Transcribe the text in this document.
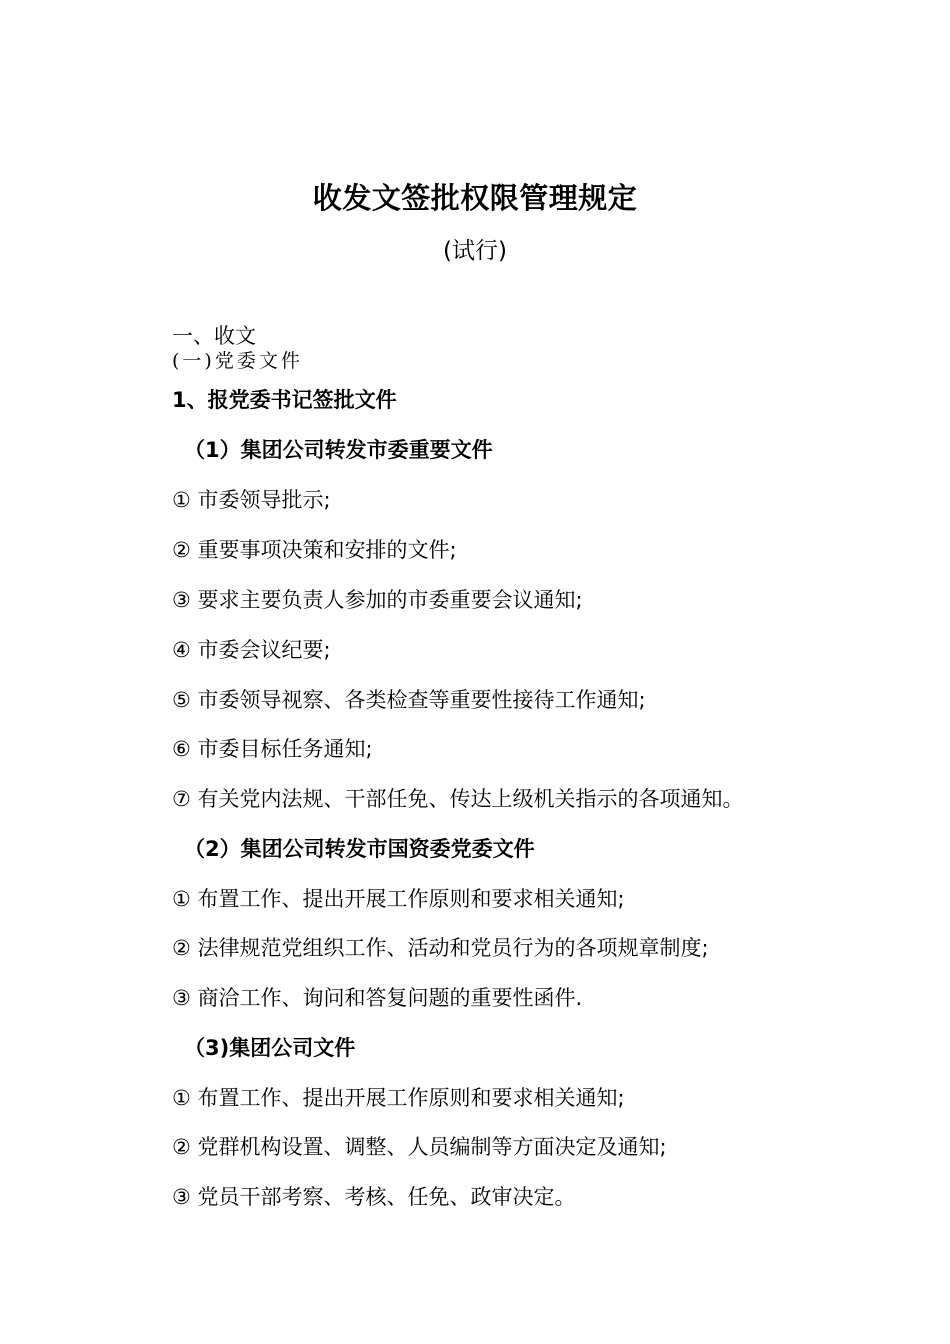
收发文签批权限管理规定
(试行)
一、收文
(一)党委文件
1、报党委书记签批文件
（1）集团公司转发市委重要文件
① 市委领导批示;
② 重要事项决策和安排的文件;
③ 要求主要负责人参加的市委重要会议通知;
④ 市委会议纪要;
⑤ 市委领导视察、各类检查等重要性接待工作通知;
⑥ 市委目标任务通知;
⑦ 有关党内法规、干部任免、传达上级机关指示的各项通知。
（2）集团公司转发市国资委党委文件
① 布置工作、提出开展工作原则和要求相关通知;
② 法律规范党组织工作、活动和党员行为的各项规章制度;
③ 商洽工作、询问和答复问题的重要性函件.
（3)集团公司文件
① 布置工作、提出开展工作原则和要求相关通知;
② 党群机构设置、调整、人员编制等方面决定及通知;
③ 党员干部考察、考核、任免、政审决定。
